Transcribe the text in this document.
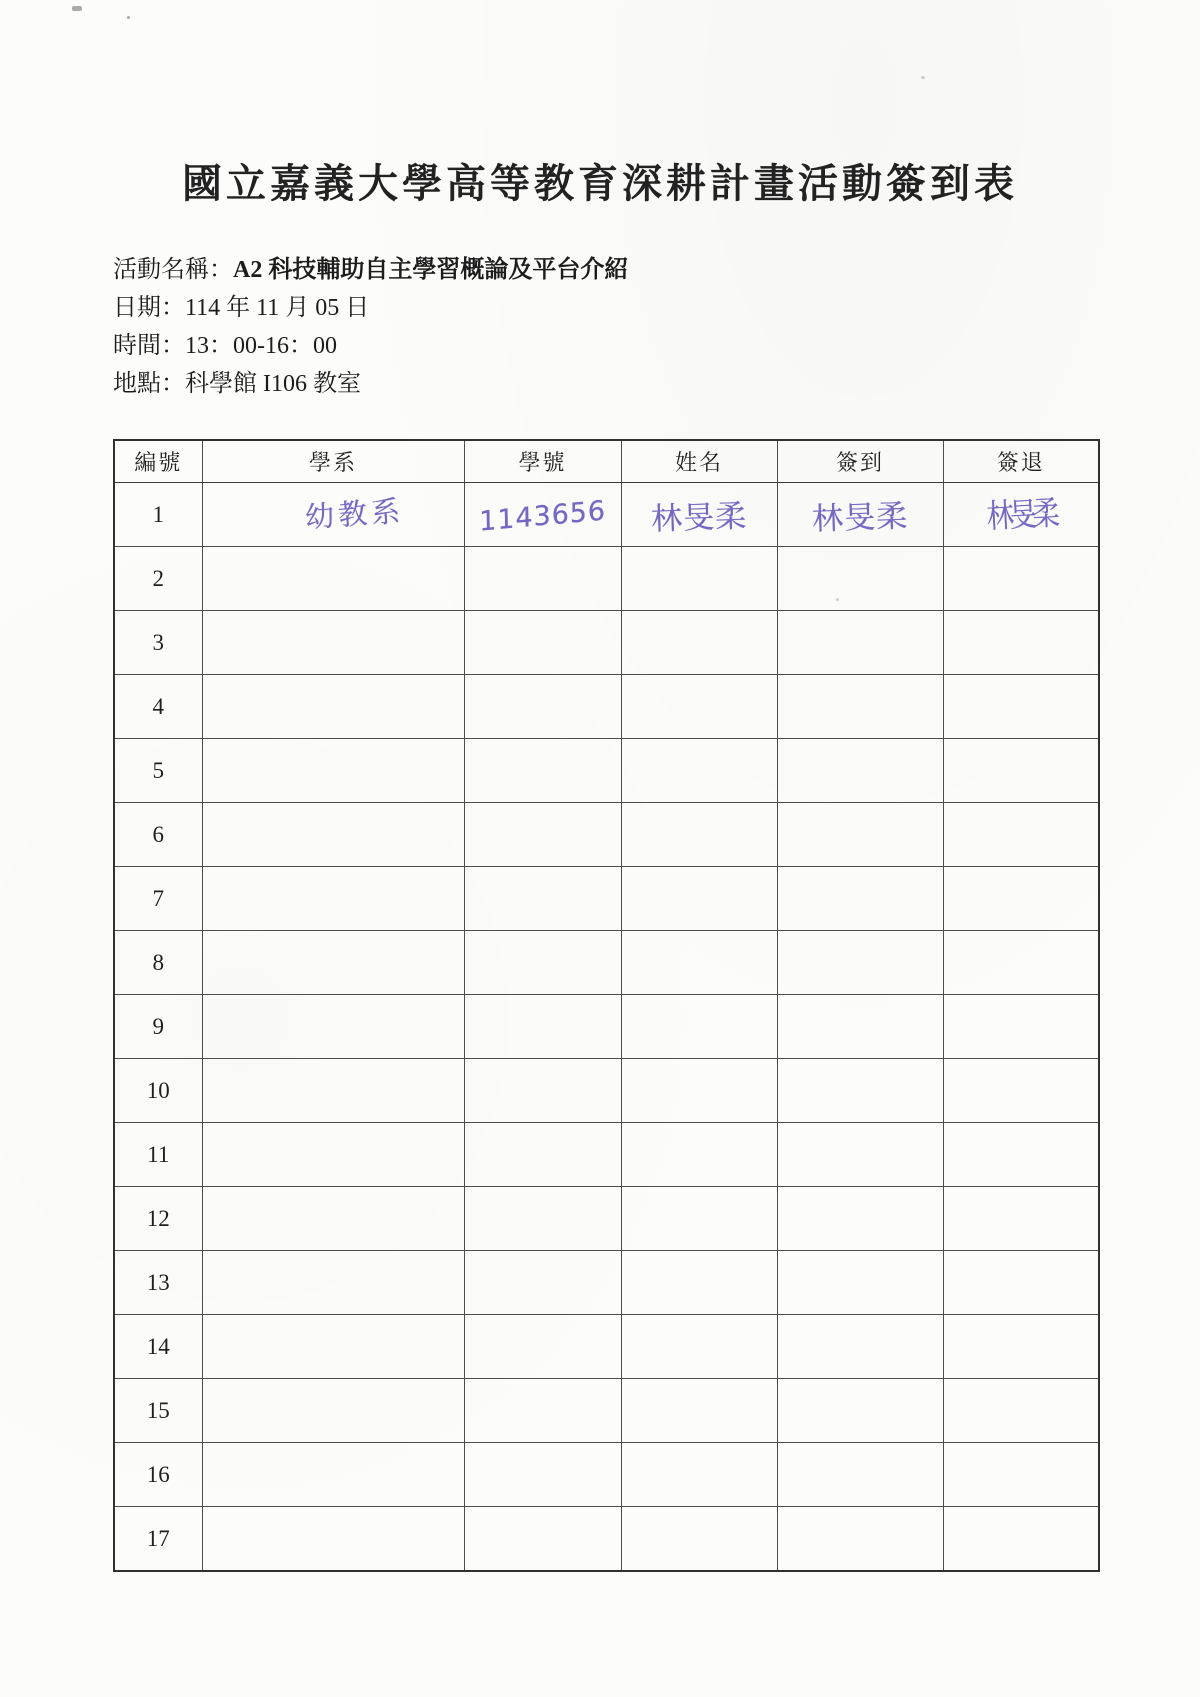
國立嘉義大學高等教育深耕計畫活動簽到表

活動名稱：A2 科技輔助自主學習概論及平台介紹

日期：114 年 11 月 05 日

時間：13：00-16：00

地點：科學館 I106 教室

編號	學系	學號	姓名	簽到	簽退
1	幼教系	1143656	林旻柔	林旻柔	林旻柔
2					
3					
4					
5					
6					
7					
8					
9					
10					
11					
12					
13					
14					
15					
16					
17					
